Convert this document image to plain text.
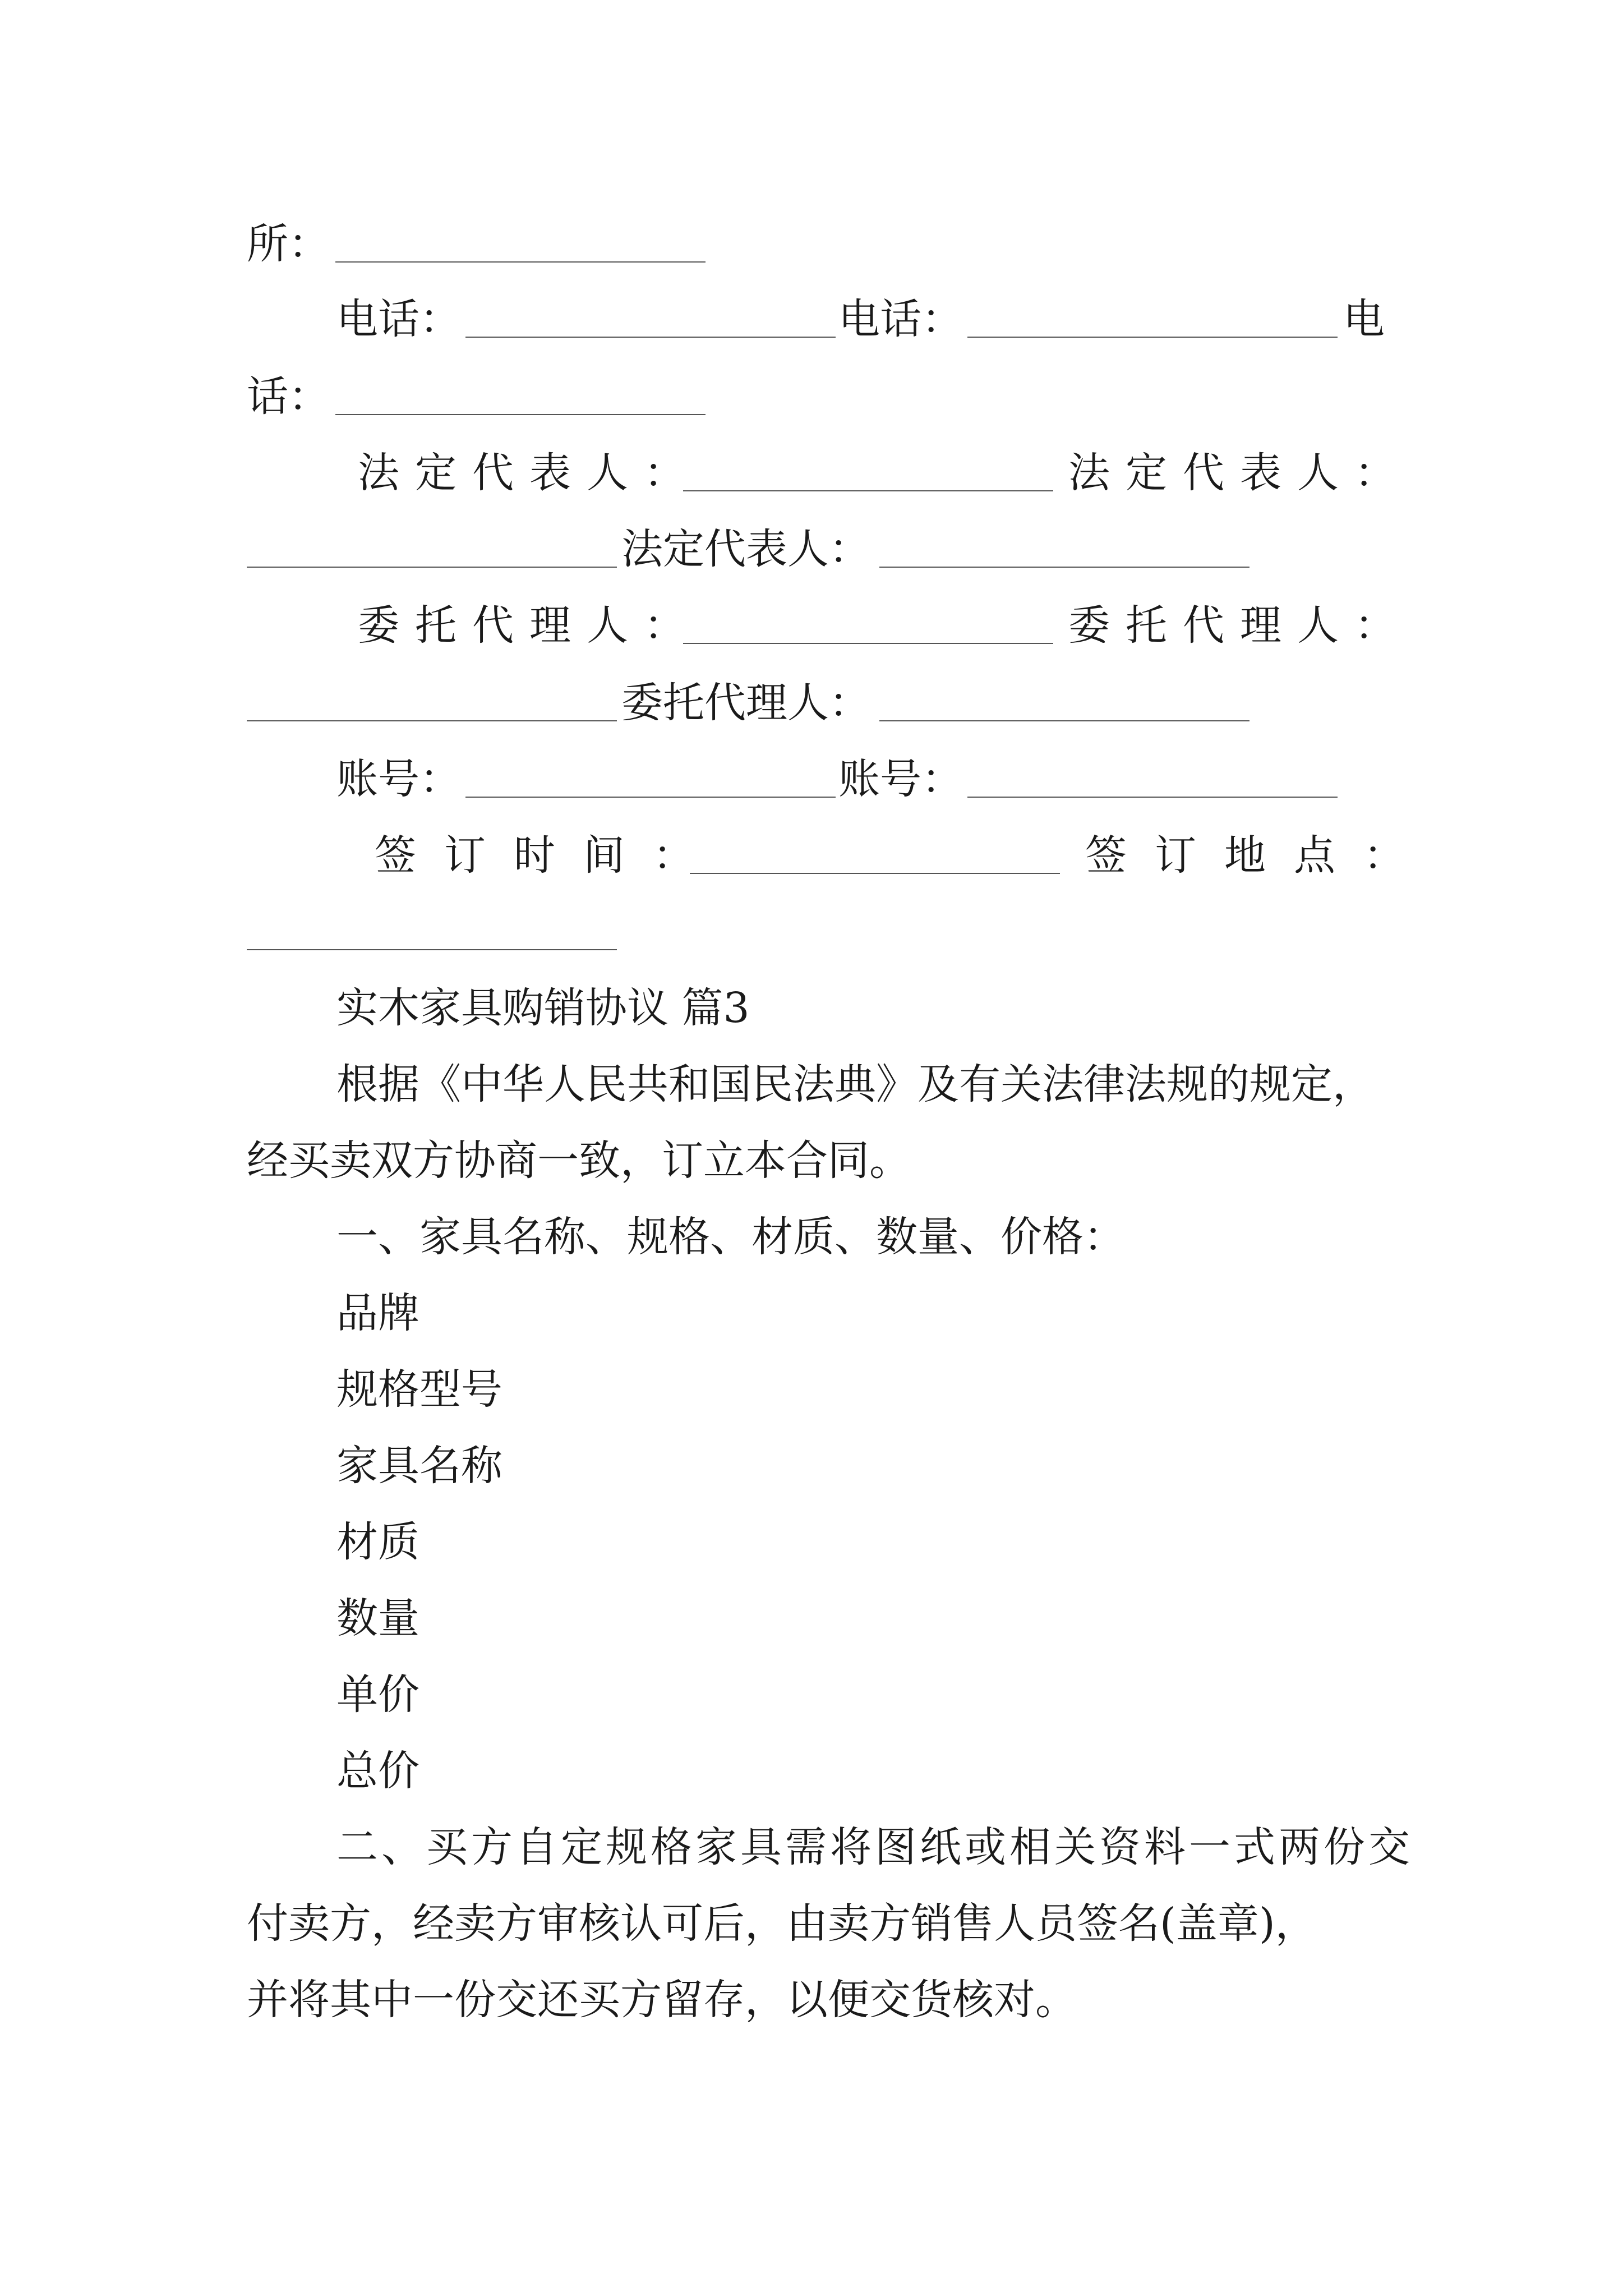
所：
电话：	电话：	电
话：
法定代表人：	法定代表人：
法定代表人：
委托代理人：	委托代理人：
委托代理人：
账号：	账号：
签订时间：	签订地点：
实木家具购销协议 篇3
根据《中华人民共和国民法典》及有关法律法规的规定，
经买卖双方协商一致，订立本合同。
一、家具名称、规格、材质、数量、价格：
品牌
规格型号
家具名称
材质
数量
单价
总价
二、买方自定规格家具需将图纸或相关资料一式两份交
付卖方，经卖方审核认可后，由卖方销售人员签名(盖章)，
并将其中一份交还买方留存，以便交货核对。
